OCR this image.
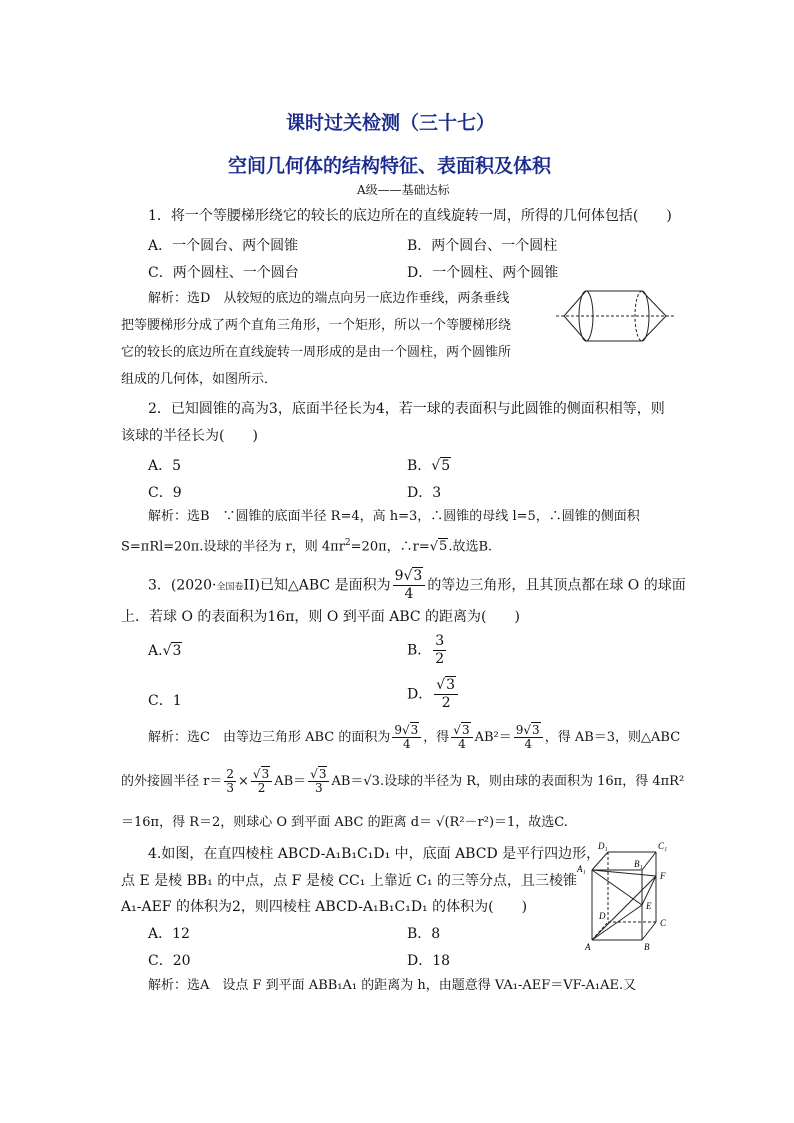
课时过关检测（三十七）
空间几何体的结构特征、表面积及体积
A级——基础达标
1．将一个等腰梯形绕它的较长的底边所在的直线旋转一周，所得的几何体包括(　　)
A．一个圆台、两个圆锥	B．两个圆台、一个圆柱
C．两个圆柱、一个圆台	D．一个圆柱、两个圆锥
解析：选D　从较短的底边的端点向另一底边作垂线，两条垂线
把等腰梯形分成了两个直角三角形，一个矩形，所以一个等腰梯形绕
它的较长的底边所在直线旋转一周形成的是由一个圆柱，两个圆锥所
组成的几何体，如图所示．
2．已知圆锥的高为3，底面半径长为4，若一球的表面积与此圆锥的侧面积相等，则
该球的半径长为(　　)
A．5	B．√5
C．9	D．3
解析：选B　∵圆锥的底面半径 R=4，高 h=3，∴圆锥的母线 l=5，∴圆锥的侧面积
S=πRl=20π.设球的半径为 r，则 $4\pi r^2=20\pi$，∴r=√5.故选B.
3．(2020·全国卷II)已知△ABC 是面积为 $\frac{9√3}{4}$ 的等边三角形，且其顶点都在球 O 的球面
上．若球 O 的表面积为16π，则 O 到平面 ABC 的距离为(　　)
A.√3	B． $\frac{3}{2}$
C．1	D． $\frac{√3}{2}$
解析：选C　由等边三角形 ABC 的面积为 $\frac{9√3}{4}$ ，得 $\frac{√3}{4} AB^2= \frac{9√3}{4}$ ，得 AB＝3，则△ABC
的外接圆半径 $r= \frac{2}{3} \times \frac{√3}{2} AB= \frac{√3}{3} AB=√3$.设球的半径为 R，则由球的表面积为 16π，得 4πR²
＝16π，得 R＝2，则球心 O 到平面 ABC 的距离 d＝ √(R²－r²)＝1，故选C.
4.如图，在直四棱柱 ABCD-A₁B₁C₁D₁ 中，底面 ABCD 是平行四边形，
点 E 是棱 BB₁ 的中点，点 F 是棱 CC₁ 上靠近 C₁ 的三等分点，且三棱锥
A₁-AEF 的体积为2，则四棱柱 ABCD-A₁B₁C₁D₁ 的体积为(　　)
A．12	B．8
C．20	D．18
解析：选A　设点 F 到平面 ABB₁A₁ 的距离为 h，由题意得 VA₁-AEF＝VF-A₁AE.又
D₁	C₁
B₁
A₁
F
E
D
C
A	B
